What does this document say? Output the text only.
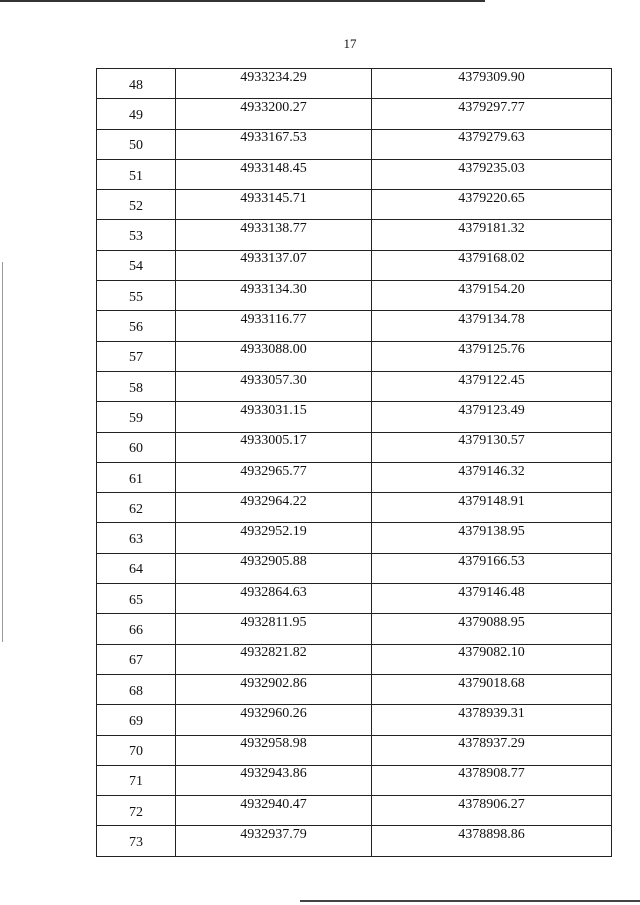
17
48	4933234.29	4379309.90
49	4933200.27	4379297.77
50	4933167.53	4379279.63
51	4933148.45	4379235.03
52	4933145.71	4379220.65
53	4933138.77	4379181.32
54	4933137.07	4379168.02
55	4933134.30	4379154.20
56	4933116.77	4379134.78
57	4933088.00	4379125.76
58	4933057.30	4379122.45
59	4933031.15	4379123.49
60	4933005.17	4379130.57
61	4932965.77	4379146.32
62	4932964.22	4379148.91
63	4932952.19	4379138.95
64	4932905.88	4379166.53
65	4932864.63	4379146.48
66	4932811.95	4379088.95
67	4932821.82	4379082.10
68	4932902.86	4379018.68
69	4932960.26	4378939.31
70	4932958.98	4378937.29
71	4932943.86	4378908.77
72	4932940.47	4378906.27
73	4932937.79	4378898.86
